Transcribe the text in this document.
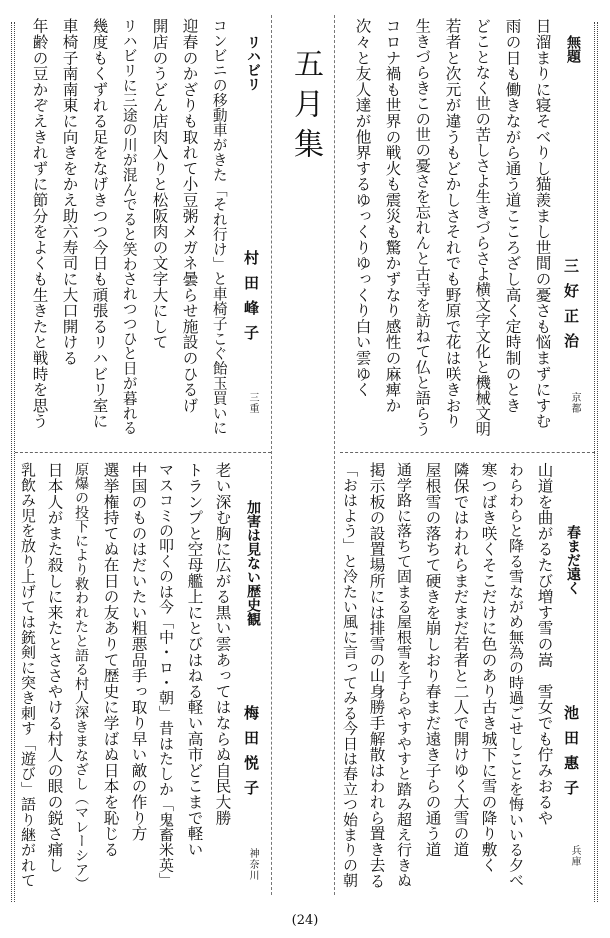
五月集	無題
三好正治
京都
日溜まりに寝そべりし猫羨まし世間の憂さも悩まずにすむ
雨の日も働きながら通う道こころざし高く定時制のとき
どことなく世の苦しさよ生きづらさよ横文字文化と機械文明
若者と次元が違うもどかしさそれでも野原で花は咲きおり
生きづらきこの世の憂さを忘れんと古寺を訪ねて仏と語らう
コロナ禍も世界の戦火も震災も驚かずなり感性の麻痺か
次々と友人達が他界するゆっくりゆっくり白い雲ゆく
リハビリ
村田峰子
三重
コンビニの移動車がきた「それ行け」と車椅子こぐ飴玉買いに
迎春のかざりも取れて小豆粥メガネ曇らせ施設のひるげ
開店のうどん店肉入りと松阪肉の文字大にして
リハビリに三途の川が混んでると笑わされつつひと日が暮れる
幾度もくずれる足をなげきつつ今日も頑張るリハビリ室に
車椅子南南東に向きをかえ助六寿司に大口開ける
年齢の豆かぞえきれずに節分をよくも生きたと戦時を思う
春まだ遠く
池田惠子
兵庫
山道を曲がるたび増す雪の嵩　雪女でも佇みおるや
わらわらと降る雪ながめ無為の時過ごせしことを悔いいる夕べ
寒つばき咲くそこだけに色のあり古き城下に雪の降り敷く
隣保ではわれらまだまだ若者と二人で開けゆく大雪の道
屋根雪の落ちて硬きを崩しおり春まだ遠き子らの通う道
通学路に落ちて固まる屋根雪を子らやすやすと踏み超え行きぬ
掲示板の設置場所には排雪の山身勝手解散はわれら置き去る
「おはよう」と冷たい風に言ってみる今日は春立つ始まりの朝
加害は見ない歴史観
梅田悦子
神奈川
老い深む胸に広がる黒い雲あってはならぬ自民大勝
トランプと空母艦上にとびはねる軽い高市どこまで軽い
マスコミの叩くのは今「中・ロ・朝」昔はたしか「鬼畜米英」
中国のものはだいたい粗悪品手っ取り早い敵の作り方
選挙権持てぬ在日の友ありて歴史に学ばぬ日本を恥じる
原爆の投下により救われたと語る村人深きまなざし（マレーシア）
日本人がまた殺しに来たとささやける村人の眼の鋭さ痛し
乳飲み児を放り上げては銃剣に突き刺す「遊び」語り継がれて
(24)
